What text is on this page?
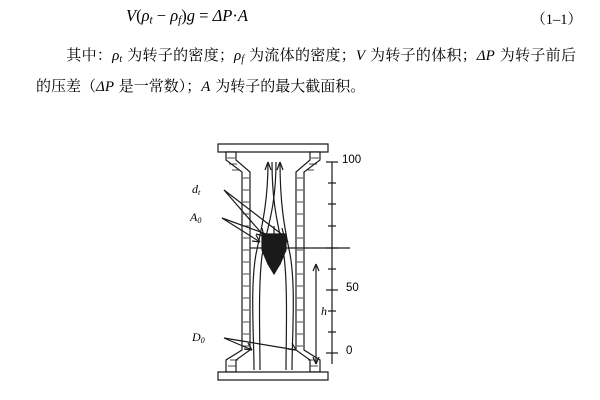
$V(\rho_t - \rho_f)g = \Delta P\cdot A$	（1–1）
其中：$\rho_t$ 为转子的密度；$\rho_f$ 为流体的密度；V 为转子的体积；ΔP 为转子前后的压差（ΔP 是一常数）；A 为转子的最大截面积。
$d_t$
$A_0$
$D_0$
h
100
50
0
